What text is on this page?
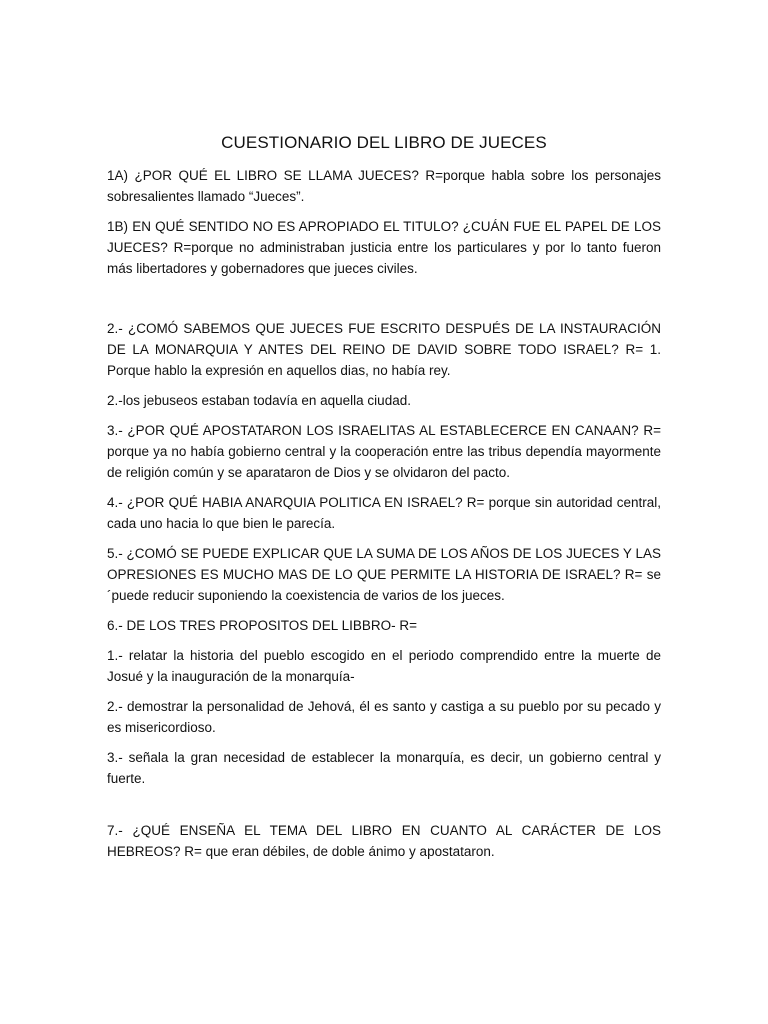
CUESTIONARIO DEL LIBRO DE JUECES

1A) ¿POR QUÉ EL LIBRO SE LLAMA JUECES? R=porque habla sobre los personajes sobresalientes llamado “Jueces”.

1B) EN QUÉ SENTIDO NO ES APROPIADO EL TITULO? ¿CUÁN FUE EL PAPEL DE LOS JUECES? R=porque no administraban justicia entre los particulares y por lo tanto fueron más libertadores y gobernadores que jueces civiles.

2.- ¿COMÓ SABEMOS QUE JUECES FUE ESCRITO DESPUÉS DE LA INSTAURACIÓN DE LA MONARQUIA Y ANTES DEL REINO DE DAVID SOBRE TODO ISRAEL? R= 1. Porque hablo la expresión en aquellos dias, no había rey.

2.-los jebuseos estaban todavía en aquella ciudad.

3.- ¿POR QUÉ APOSTATARON LOS ISRAELITAS AL ESTABLECERCE EN CANAAN? R= porque ya no había gobierno central y la cooperación entre las tribus dependía mayormente de religión común y se aparataron de Dios y se olvidaron del pacto.

4.- ¿POR QUÉ HABIA ANARQUIA POLITICA EN ISRAEL? R= porque sin autoridad central, cada uno hacia lo que bien le parecía.

5.- ¿COMÓ SE PUEDE EXPLICAR QUE LA SUMA DE LOS AÑOS DE LOS JUECES Y LAS OPRESIONES ES MUCHO MAS DE LO QUE PERMITE LA HISTORIA DE ISRAEL? R= se ´puede reducir suponiendo la coexistencia de varios de los jueces.

6.- DE LOS TRES PROPOSITOS DEL LIBBRO- R=

1.- relatar la historia del pueblo escogido en el periodo comprendido entre la muerte de Josué y la inauguración de la monarquía-

2.- demostrar la personalidad de Jehová, él es santo y castiga a su pueblo por su pecado y es misericordioso.

3.- señala la gran necesidad de establecer la monarquía, es decir, un gobierno central y fuerte.

7.- ¿QUÉ ENSEÑA EL TEMA DEL LIBRO EN CUANTO AL CARÁCTER DE LOS HEBREOS? R= que eran débiles, de doble ánimo y apostataron.
